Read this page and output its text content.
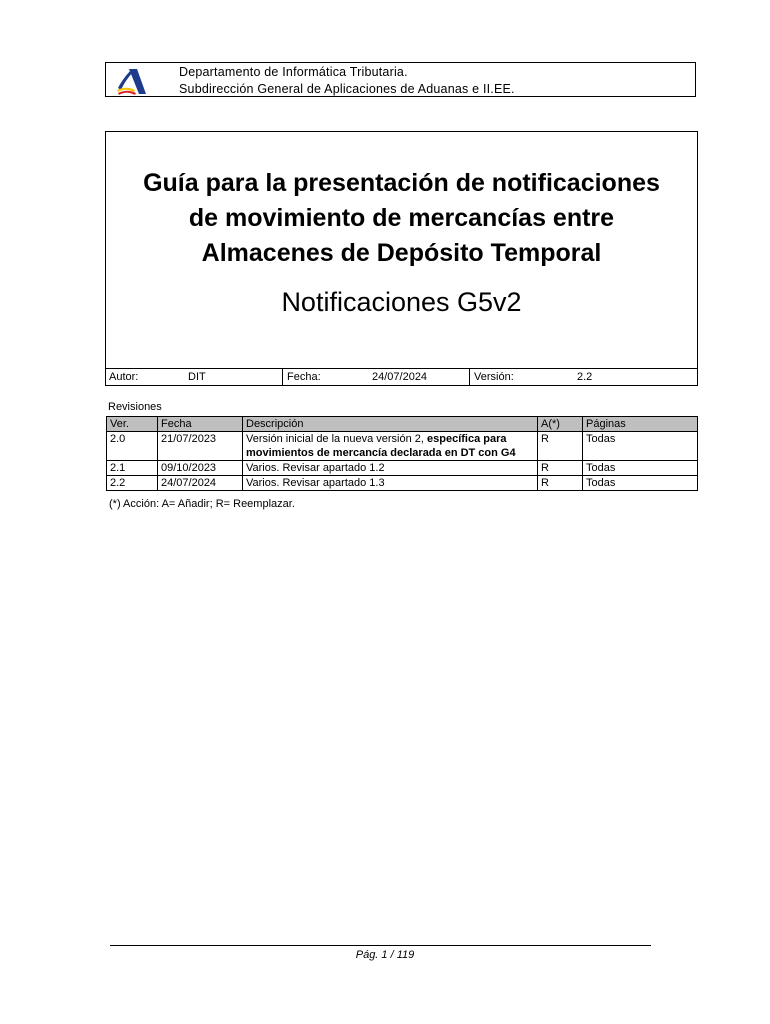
Departamento de Informática Tributaria.
Subdirección General de Aplicaciones de Aduanas e II.EE.
Guía para la presentación de notificaciones
de movimiento de mercancías entre
Almacenes de Depósito Temporal
Notificaciones G5v2
Autor:	DIT	Fecha:	24/07/2024	Versión:	2.2
Revisiones
Ver.	Fecha	Descripción	A(*)	Páginas
2.0	21/07/2023	Versión inicial de la nueva versión 2, específica para movimientos de mercancía declarada en DT con G4	R	Todas
2.1	09/10/2023	Varios. Revisar apartado 1.2	R	Todas
2.2	24/07/2024	Varios. Revisar apartado 1.3	R	Todas
(*) Acción: A= Añadir; R= Reemplazar.
Pág. 1 / 119
